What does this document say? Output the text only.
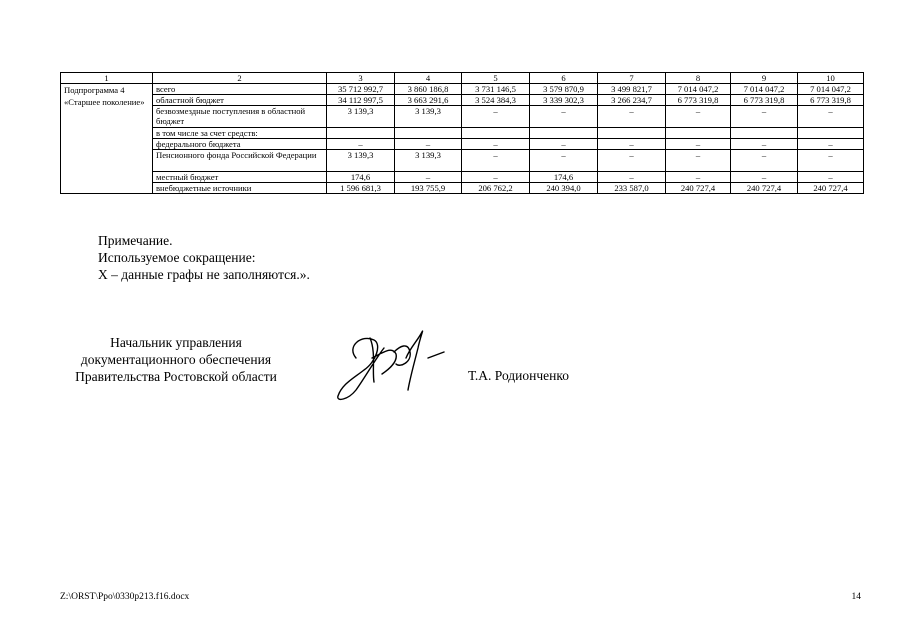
1	2	3	4	5	6	7	8	9	10
Подпрограмма 4 «Старшее поколение»	всего	35 712 992,7	3 860 186,8	3 731 146,5	3 579 870,9	3 499 821,7	7 014 047,2	7 014 047,2	7 014 047,2
	областной бюджет	34 112 997,5	3 663 291,6	3 524 384,3	3 339 302,3	3 266 234,7	6 773 319,8	6 773 319,8	6 773 319,8
	безвозмездные поступления в областной бюджет	3 139,3	3 139,3	–	–	–	–	–	–
	в том числе за счет средств:								
	федерального бюджета	–	–	–	–	–	–	–	–
	Пенсионного фонда Российской Федерации	3 139,3	3 139,3	–	–	–	–	–	–
	местный бюджет	174,6	–	–	174,6	–	–	–	–
	внебюджетные источники	1 596 681,3	193 755,9	206 762,2	240 394,0	233 587,0	240 727,4	240 727,4	240 727,4
Примечание.
Используемое сокращение:
Х – данные графы не заполняются.».
Начальник управления
документационного обеспечения
Правительства Ростовской области	Т.А. Родионченко
Z:\ORST\Ppo\0330p213.f16.docx	14
